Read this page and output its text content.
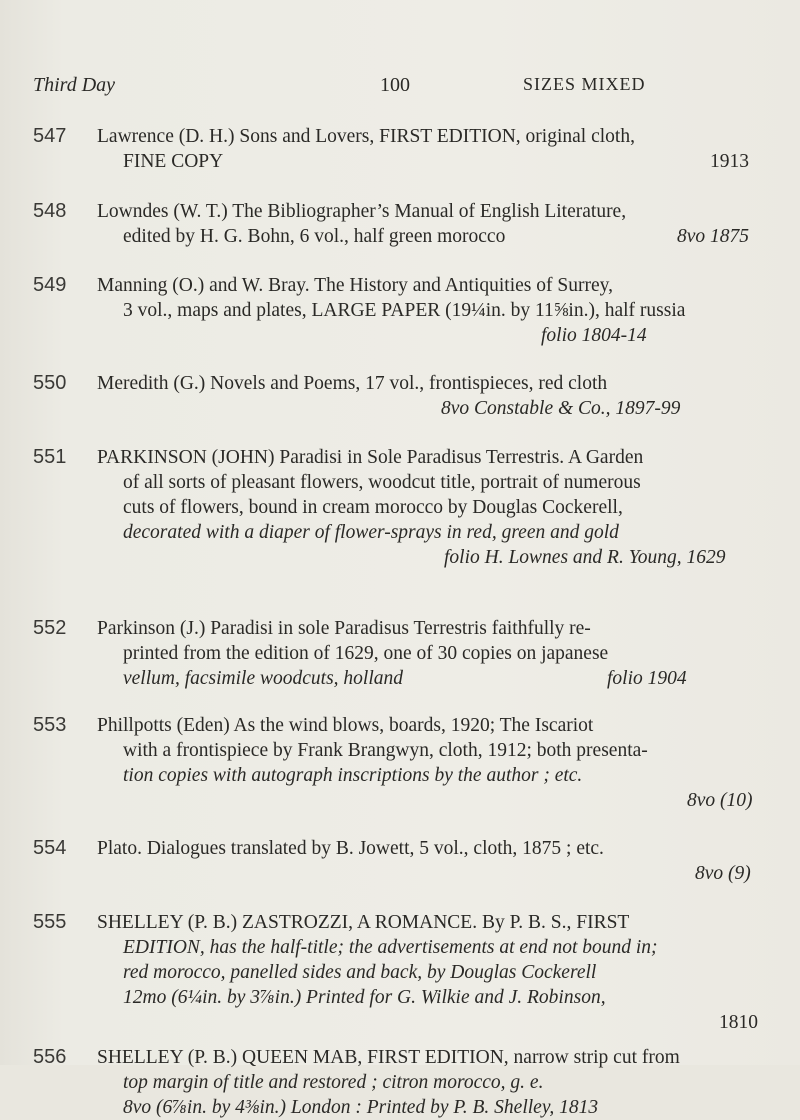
Third Day	100	SIZES MIXED
547 Lawrence (D. H.) Sons and Lovers, FIRST EDITION, original cloth,
FINE COPY	1913
548 Lowndes (W. T.) The Bibliographer’s Manual of English Literature,
edited by H. G. Bohn, 6 vol., half green morocco	8vo 1875
549 Manning (O.) and W. Bray. The History and Antiquities of Surrey,
3 vol., maps and plates, LARGE PAPER (19¼in. by 11⅝in.), half russia
folio 1804-14
550 Meredith (G.) Novels and Poems, 17 vol., frontispieces, red cloth
8vo Constable & Co., 1897-99
551 PARKINSON (JOHN) Paradisi in Sole Paradisus Terrestris. A Garden
of all sorts of pleasant flowers, woodcut title, portrait of numerous
cuts of flowers, bound in cream morocco by Douglas Cockerell,
decorated with a diaper of flower-sprays in red, green and gold
folio H. Lownes and R. Young, 1629
552 Parkinson (J.) Paradisi in sole Paradisus Terrestris faithfully re-
printed from the edition of 1629, one of 30 copies on japanese
vellum, facsimile woodcuts, holland	folio 1904
553 Phillpotts (Eden) As the wind blows, boards, 1920; The Iscariot
with a frontispiece by Frank Brangwyn, cloth, 1912; both presenta-
tion copies with autograph inscriptions by the author ; etc.
8vo (10)
554 Plato. Dialogues translated by B. Jowett, 5 vol., cloth, 1875 ; etc.
8vo (9)
555 SHELLEY (P. B.) ZASTROZZI, A ROMANCE. By P. B. S., FIRST
EDITION, has the half-title; the advertisements at end not bound in;
red morocco, panelled sides and back, by Douglas Cockerell
12mo (6¼in. by 3⅞in.) Printed for G. Wilkie and J. Robinson,
1810
556 SHELLEY (P. B.) QUEEN MAB, FIRST EDITION, narrow strip cut from
top margin of title and restored ; citron morocco, g. e.
8vo (6⅞in. by 4⅜in.) London : Printed by P. B. Shelley, 1813
